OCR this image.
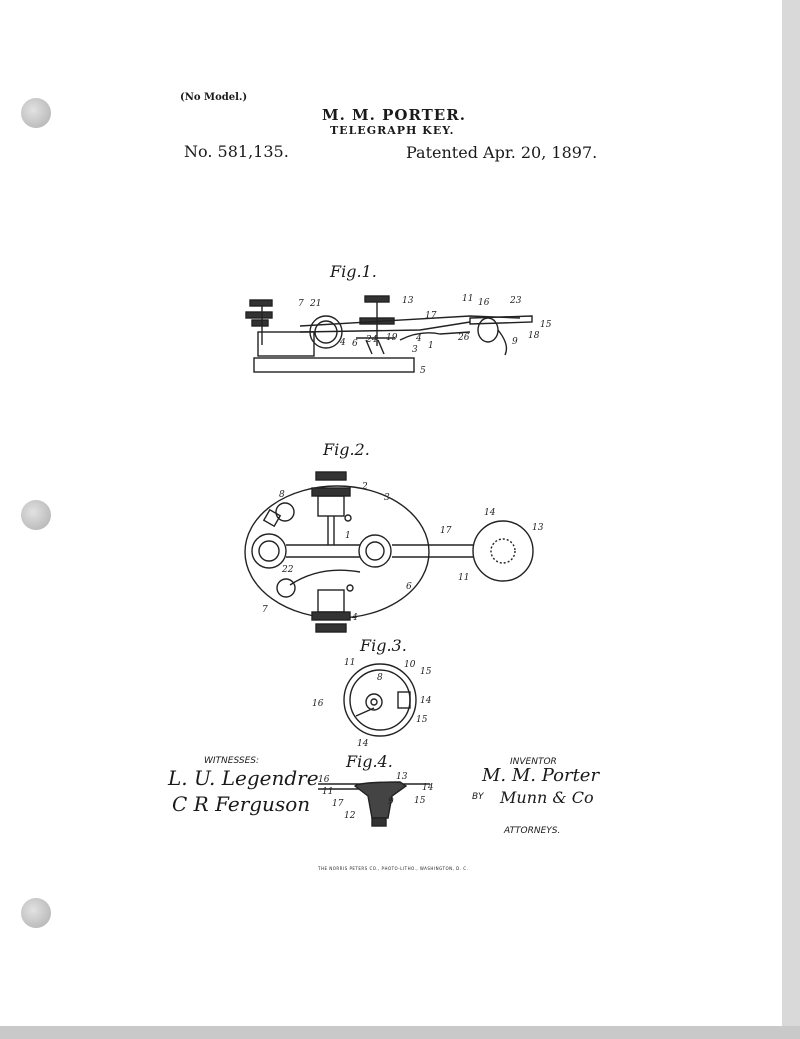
(No Model.)
M. M. PORTER.
TELEGRAPH KEY.
No. 581,135.	Patented Apr. 20, 1897.
Fig.1.
Fig.2.
Fig.3.
Fig.4.
7 21	13
17
11 16 23
15
18
9
26
1
4
3
19
24
6
4
5
8
2
3
1	17
14
13
11
6
22
7
4
11	10
15
8
14
16
15
14
16
11
17
12
13
14
15
9
WITNESSES:
L. U. Legendre
C R Ferguson
INVENTOR
M. M. Porter
BY Munn & Co
ATTORNEYS.
THE NORRIS PETERS CO., PHOTO-LITHO., WASHINGTON, D. C.
